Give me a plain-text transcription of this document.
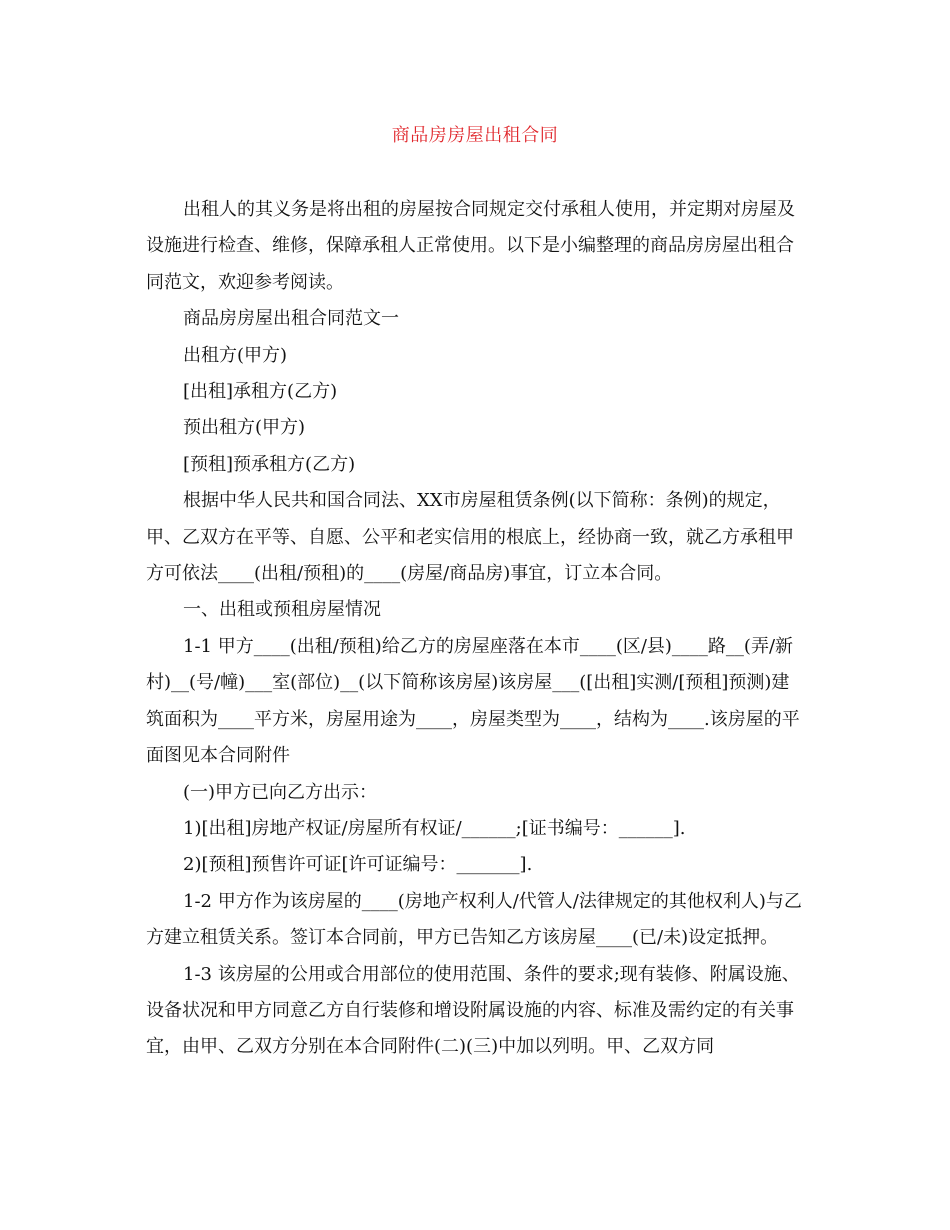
商品房房屋出租合同

出租人的其义务是将出租的房屋按合同规定交付承租人使用，并定期对房屋及设施进行检查、维修，保障承租人正常使用。以下是小编整理的商品房房屋出租合同范文，欢迎参考阅读。

商品房房屋出租合同范文一

出租方(甲方)

[出租]承租方(乙方)

预出租方(甲方)

[预租]预承租方(乙方)

根据中华人民共和国合同法、XX市房屋租赁条例(以下简称：条例)的规定，甲、乙双方在平等、自愿、公平和老实信用的根底上，经协商一致，就乙方承租甲方可依法____(出租/预租)的____(房屋/商品房)事宜，订立本合同。

一、出租或预租房屋情况

1-1 甲方____(出租/预租)给乙方的房屋座落在本市____(区/县)____路__(弄/新村)__(号/幢)___室(部位)__(以下简称该房屋)该房屋___([出租]实测/[预租]预测)建筑面积为____平方米，房屋用途为____，房屋类型为____，结构为____.该房屋的平面图见本合同附件

(一)甲方已向乙方出示：

1)[出租]房地产权证/房屋所有权证/______;[证书编号：______].

2)[预租]预售许可证[许可证编号：_______].

1-2 甲方作为该房屋的____(房地产权利人/代管人/法律规定的其他权利人)与乙方建立租赁关系。签订本合同前，甲方已告知乙方该房屋____(已/未)设定抵押。

1-3 该房屋的公用或合用部位的使用范围、条件的要求;现有装修、附属设施、设备状况和甲方同意乙方自行装修和增设附属设施的内容、标准及需约定的有关事宜，由甲、乙双方分别在本合同附件(二)(三)中加以列明。甲、乙双方同
